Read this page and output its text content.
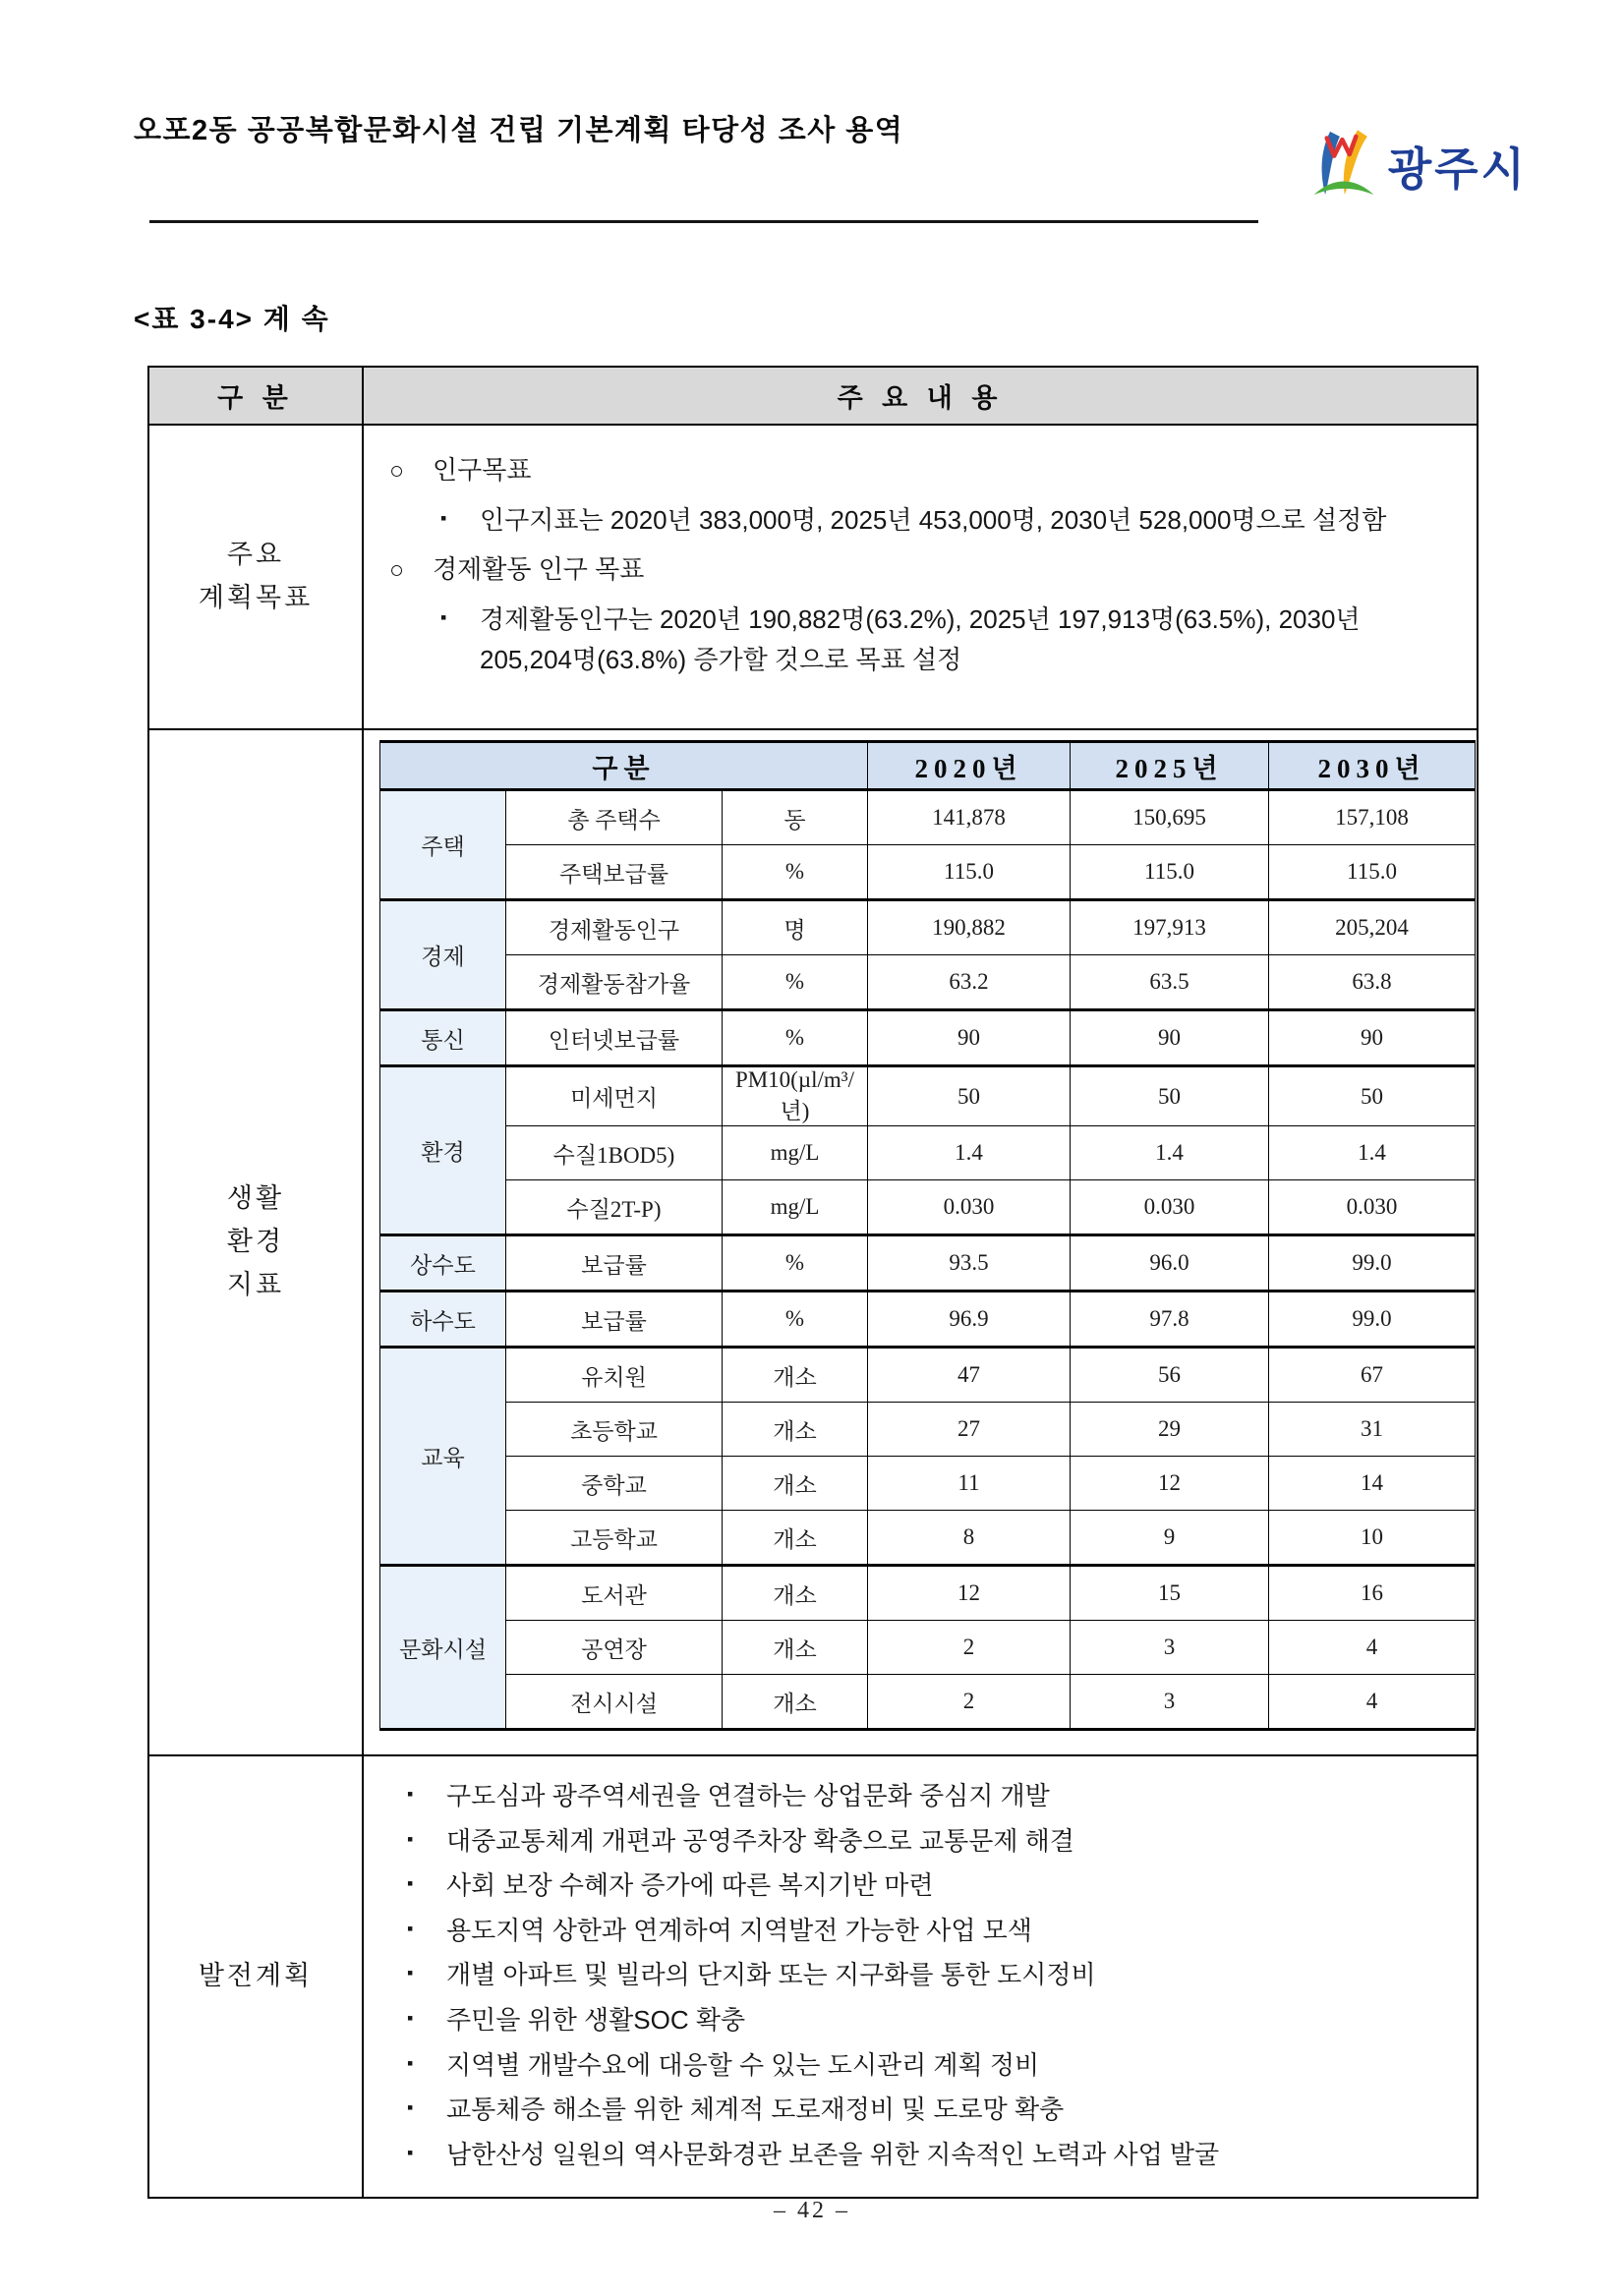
오포2동 공공복합문화시설 건립 기본계획 타당성 조사 용역
광주시
<표 3-4> 계 속
구 분	주 요 내 용

주요
계획목표

○	인구목표
▪	인구지표는 2020년 383,000명, 2025년 453,000명, 2030년 528,000명으로 설정함
○	경제활동 인구 목표
▪	경제활동인구는 2020년 190,882명(63.2%), 2025년 197,913명(63.5%), 2030년 205,204명(63.8%) 증가할 것으로 목표 설정

생활
환경
지표

구분	2020년	2025년	2030년
주택	총 주택수	동	141,878	150,695	157,108
주택보급률	%	115.0	115.0	115.0
경제	경제활동인구	명	190,882	197,913	205,204
경제활동참가율	%	63.2	63.5	63.8
통신	인터넷보급률	%	90	90	90
환경	미세먼지	PM10(µl/m³/년)	50	50	50
수질1BOD5)	mg/L	1.4	1.4	1.4
수질2T-P)	mg/L	0.030	0.030	0.030
상수도	보급률	%	93.5	96.0	99.0
하수도	보급률	%	96.9	97.8	99.0
교육	유치원	개소	47	56	67
초등학교	개소	27	29	31
중학교	개소	11	12	14
고등학교	개소	8	9	10
문화시설	도서관	개소	12	15	16
공연장	개소	2	3	4
전시시설	개소	2	3	4

발전계획

▪	구도심과 광주역세권을 연결하는 상업문화 중심지 개발
▪	대중교통체계 개편과 공영주차장 확충으로 교통문제 해결
▪	사회 보장 수혜자 증가에 따른 복지기반 마련
▪	용도지역 상한과 연계하여 지역발전 가능한 사업 모색
▪	개별 아파트 및 빌라의 단지화 또는 지구화를 통한 도시정비
▪	주민을 위한 생활SOC 확충
▪	지역별 개발수요에 대응할 수 있는 도시관리 계획 정비
▪	교통체증 해소를 위한 체계적 도로재정비 및 도로망 확충
▪	남한산성 일원의 역사문화경관 보존을 위한 지속적인 노력과 사업 발굴
– 42 –
